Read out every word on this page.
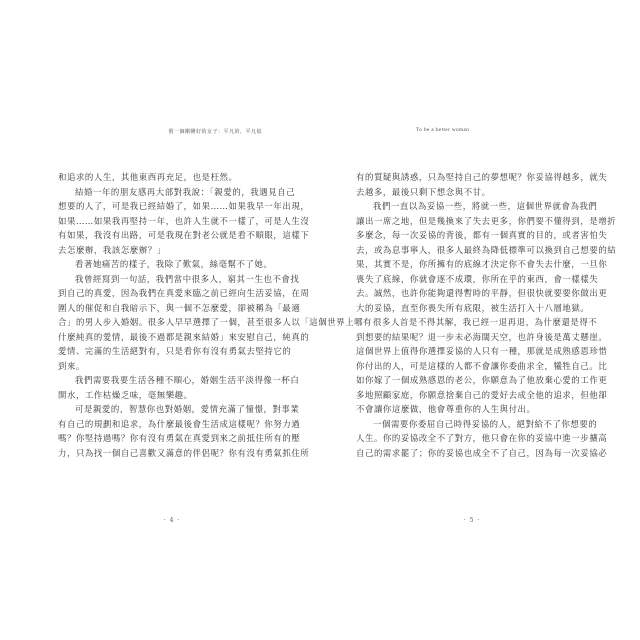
假一個剛剛好的女子：平凡的，平凡似
和追求的人生，其他東西再充足，也是枉然。
結婚一年的朋友感再大部對我說：「親愛的，我遇見自己
想要的人了，可是我已經結婚了，如果……如果我早一年出現，
如果……如果我再堅持一年，也許人生就不一樣了，可是人生沒
有如果，我沒有出路，可是我現在對老公就是看不順眼，這樣下
去怎麼辦，我該怎麼辦？」
看著她痛苦的樣子，我除了歎氣，絲毫幫不了她。
我曾經寫到一句話，我們當中很多人，窮其一生也不會找
到自己的真愛，因為我們在真愛來臨之前已經向生活妥協，在周
圍人的催促和自我暗示下，與一個不怎麼愛，卻被稱為「最適
合」的男人步入婚姻。很多人早早選擇了一個，甚至很多人以「這個世界上哪有
什麼純真的愛情，最後不過都是親來結婚」來安慰自己，純真的
愛情、完滿的生活絕對有，只是看你有沒有勇氣去堅持它的
到來。
我們需要我要生活各種不順心，婚姻生活平淡得像一杯白
開水，工作枯燥乏味，毫無樂趣。
可是親愛的，智慧你也對婚姻，愛情充滿了憧憬，對事業
有自己的規劃和追求，為什麼最後會生活成這樣呢？你努力過
嗎？你堅持過嗎？你有沒有勇氣在真愛到來之前抵住所有的壓
力，只為找一個自己喜歡又滿意的伴侶呢？你有沒有勇氣抓住所
· 4 ·
To be a better woman
有的質疑與誘惑，只為堅持自己的夢想呢？你妥協得越多，就失
去越多，最後只剩下想念與不甘。
我們一直以為妥協一些，將就一些，這個世界就會為我們
讓出一席之地，但是幾換來了失去更多，你們要不懂得到，是增折
多麼念，每一次妥協的背後，都有一個真實的目的，或者害怕失
去，或為息事寧人，很多人最終為降低標準可以換到自己想要的結
果，其實不是，你所擁有的底線才決定你不會失去什麼，一旦你
喪失了底線，你就會逐不成環，你所在乎的東西，會一樣樣失
去。誠然，也許你能夠還得暫時的平靜，但很快就要要你做出更
大的妥協，直至你喪失所有底限，被生活打入十八層地獄。
很多人首是不得其解，我已經一退再退，為什麼還是得不
到想要的結果呢？退一步未必海闊天空，也許身後是萬丈懸崖。
這個世界上值得你選擇妥協的人只有一種，那就是成熟感恩珍惜
你付出的人，可是這樣的人都不會讓你委曲求全，犧牲自己。比
如你嫁了一個成熟感恩的老公，你願意為了他放棄心愛的工作更
多地照顧家庭，你願意捨棄自己的愛好去成全他的追求，但他卻
不會讓你這麼做，他會尊重你的人生與付出。
一個需要你委屈自己時得妥協的人，絕對給不了你想要的
人生。你的妥協改全不了對方，他只會在你的妥協中進一步擴高
自己的需求罷了；你的妥協也成全不了自己，因為每一次妥協必
· 5 ·
